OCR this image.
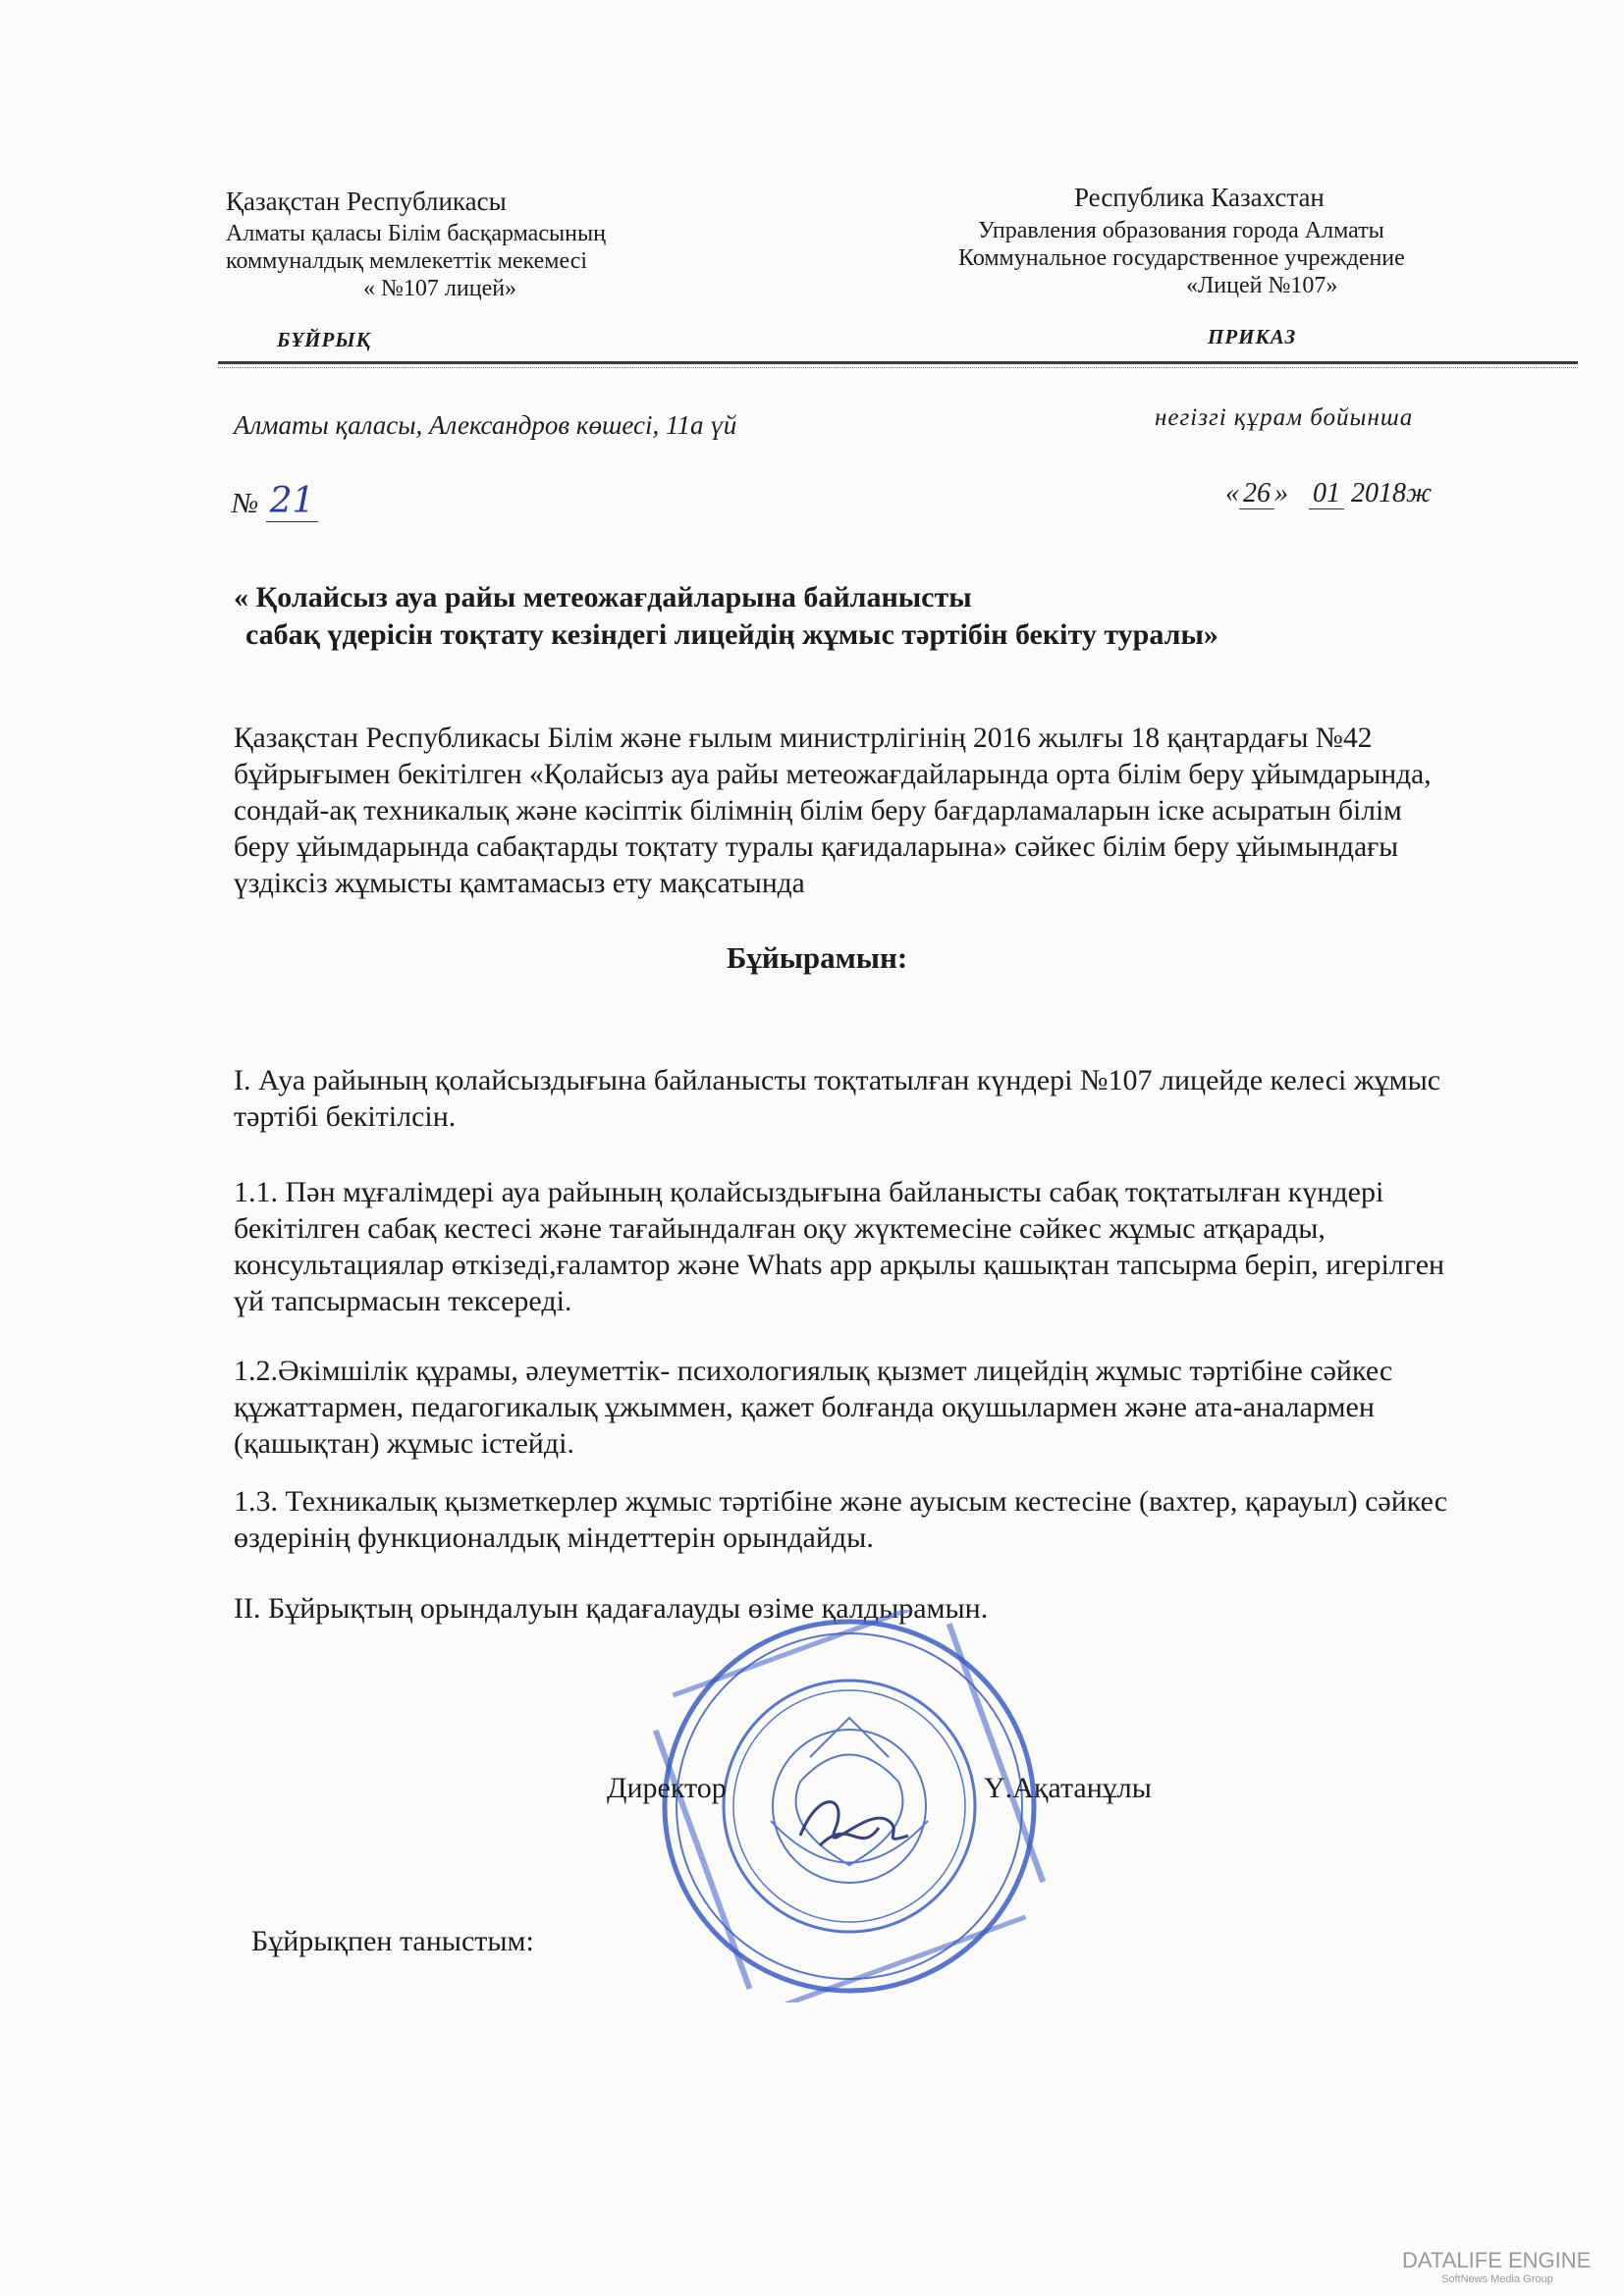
Қазақстан Республикасы
Алматы қаласы Білім басқармасының
коммуналдық мемлекеттік мекемесі
« №107 лицей»
БҰЙРЫҚ
Республика Казахстан
Управления образования города Алматы
Коммунальное государственное учреждение
«Лицей №107»
ПРИКАЗ
Алматы қаласы, Александров көшесі, 11а үй	негізгі құрам бойынша
№ 21	« 26 » 01 2018ж
« Қолайсыз ауа райы метеожағдайларына байланысты
сабақ үдерісін тоқтату кезіндегі лицейдің жұмыс тәртібін бекіту туралы»
Қазақстан Республикасы Білім және ғылым министрлігінің 2016 жылғы 18 қаңтардағы №42 бұйрығымен бекітілген «Қолайсыз ауа райы метеожағдайларында орта білім беру ұйымдарында, сондай-ақ техникалық және кәсіптік білімнің білім беру бағдарламаларын іске асыратын білім беру ұйымдарында сабақтарды тоқтату туралы қағидаларына» сәйкес білім беру ұйымындағы үздіксіз жұмысты қамтамасыз ету мақсатында
Бұйырамын:
I. Ауа райының қолайсыздығына байланысты тоқтатылған күндері №107 лицейде келесі жұмыс тәртібі бекітілсін.
1.1. Пән мұғалімдері ауа райының қолайсыздығына байланысты сабақ тоқтатылған күндері бекітілген сабақ кестесі және тағайындалған оқу жүктемесіне сәйкес жұмыс атқарады, консультациялар өткізеді,ғаламтор және Whats app арқылы қашықтан тапсырма беріп, игерілген үй тапсырмасын тексереді.
1.2.Әкімшілік құрамы, әлеуметтік- психологиялық қызмет лицейдің жұмыс тәртібіне сәйкес құжаттармен, педагогикалық ұжыммен, қажет болғанда оқушылармен және ата-аналармен (қашықтан) жұмыс істейді.
1.3. Техникалық қызметкерлер жұмыс тәртібіне және ауысым кестесіне (вахтер, қарауыл) сәйкес өздерінің функционалдық міндеттерін орындайды.
II. Бұйрықтың орындалуын қадағалауды өзіме қалдырамын.
Директор	Ү.Ақатанұлы
Бұйрықпен таныстым:
DATALIFE ENGINE
SoftNews Media Group
